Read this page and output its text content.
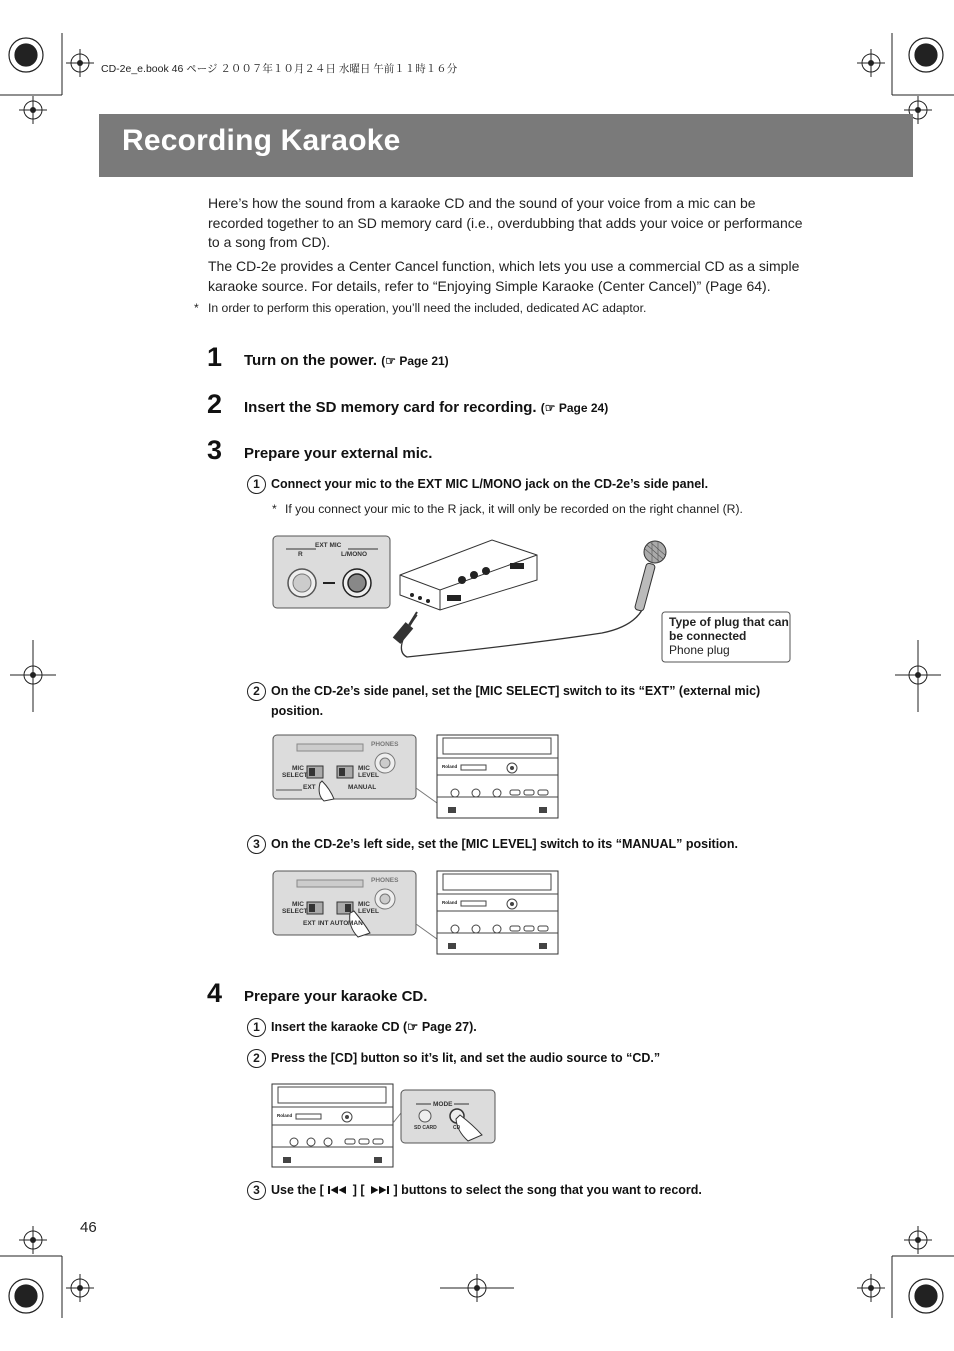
CD-2e_e.book 46 ページ ２００７年１０月２４日 水曜日 午前１１時１６分
Recording Karaoke
Here’s how the sound from a karaoke CD and the sound of your voice from a mic can be recorded together to an SD memory card (i.e., overdubbing that adds your voice or performance to a song from CD).
The CD-2e provides a Center Cancel function, which lets you use a commercial CD as a simple karaoke source. For details, refer to “Enjoying Simple Karaoke (Center Cancel)” (Page 64).
* In order to perform this operation, you’ll need the included, dedicated AC adaptor.
1 Turn on the power. (☞ Page 21)
2 Insert the SD memory card for recording. (☞ Page 24)
3 Prepare your external mic.
1 Connect your mic to the EXT MIC L/MONO jack on the CD-2e’s side panel.
* If you connect your mic to the R jack, it will only be recorded on the right channel (R).
EXT MIC
R	L/MONO
Type of plug that can
be connected
Phone plug
2 On the CD-2e’s side panel, set the [MIC SELECT] switch to its “EXT” (external mic) position.
PHONES
MIC
SELECT
MIC
LEVEL
EXT	MANUAL
Roland
3 On the CD-2e’s left side, set the [MIC LEVEL] switch to its “MANUAL” position.
PHONES
MIC
SELECT
MIC
LEVEL
EXT INT AUTO MAN
Roland
4 Prepare your karaoke CD.
1 Insert the karaoke CD (☞ Page 27).
2 Press the [CD] button so it’s lit, and set the audio source to “CD.”
MODE
SD CARD	CD
Roland
3 Use the [ ] [ ] buttons to select the song that you want to record.
46
